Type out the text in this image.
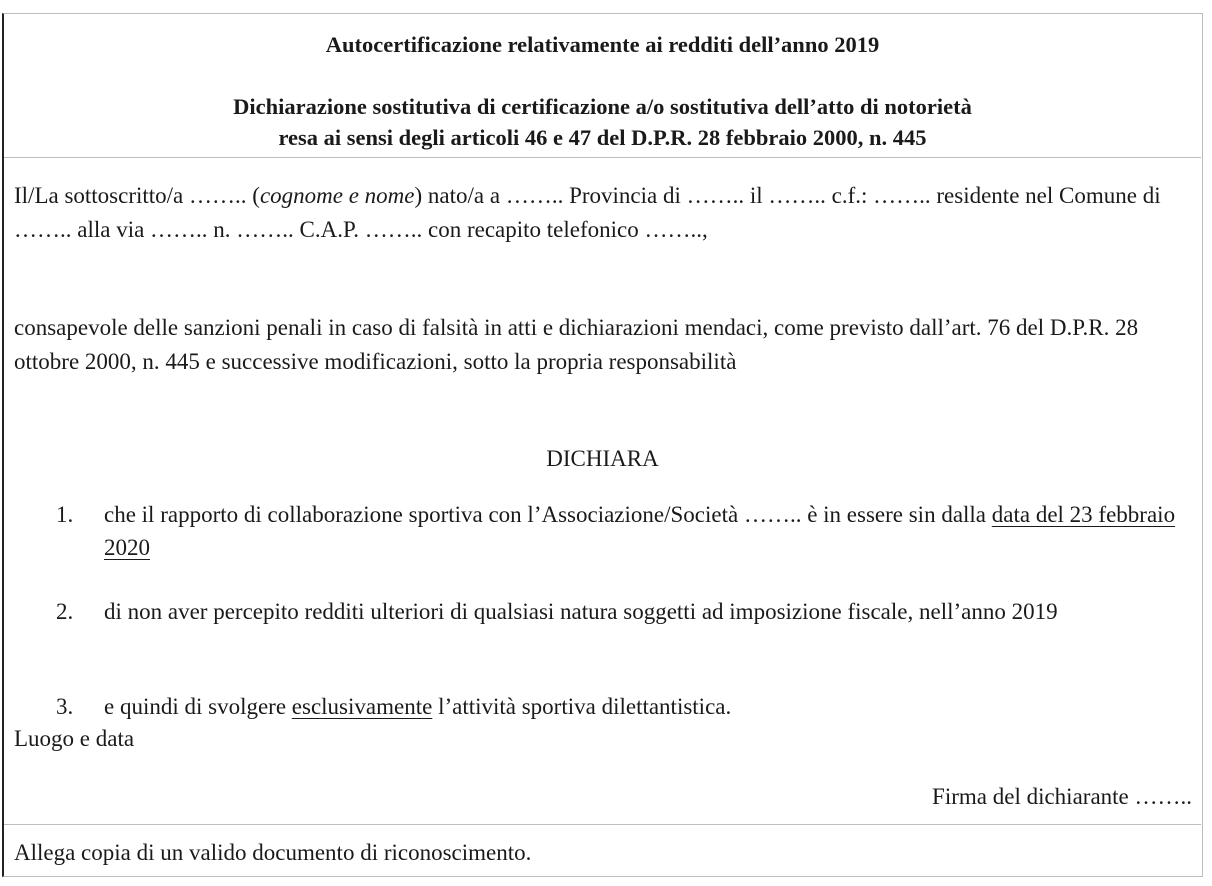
Autocertificazione relativamente ai redditi dell’anno 2019

Dichiarazione sostitutiva di certificazione a/o sostitutiva dell’atto di notorietà
resa ai sensi degli articoli 46 e 47 del D.P.R. 28 febbraio 2000, n. 445

Il/La sottoscritto/a …….. (cognome e nome) nato/a a …….. Provincia di …….. il …….. c.f.: …….. residente nel Comune di …….. alla via …….. n. …….. C.A.P. …….. con recapito telefonico ……..,

consapevole delle sanzioni penali in caso di falsità in atti e dichiarazioni mendaci, come previsto dall’art. 76 del D.P.R. 28 ottobre 2000, n. 445 e successive modificazioni, sotto la propria responsabilità

DICHIARA

1. che il rapporto di collaborazione sportiva con l’Associazione/Società …….. è in essere sin dalla data del 23 febbraio 2020
2. di non aver percepito redditi ulteriori di qualsiasi natura soggetti ad imposizione fiscale, nell’anno 2019
3. e quindi di svolgere esclusivamente l’attività sportiva dilettantistica.

Luogo e data

Firma del dichiarante ……..

Allega copia di un valido documento di riconoscimento.
